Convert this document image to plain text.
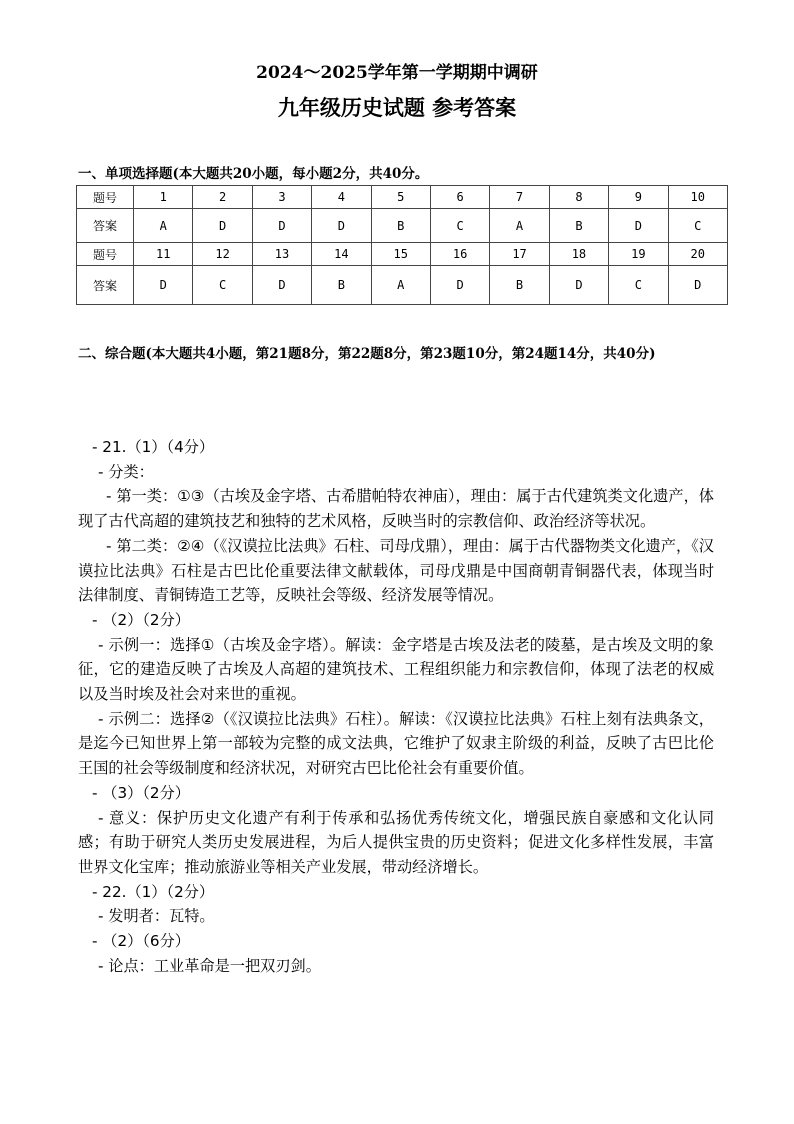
2024～2025学年第一学期期中调研
九年级历史试题 参考答案
一、单项选择题(本大题共20小题，每小题2分，共40分。
题号	1	2	3	4	5	6	7	8	9	10
答案	A	D	D	D	B	C	A	B	D	C
题号	11	12	13	14	15	16	17	18	19	20
答案	D	C	D	B	A	D	B	D	C	D
二、综合题(本大题共4小题，第21题8分，第22题8分，第23题10分，第24题14分，共40分)

- 21.（1）（4分）

- 分类：

- 第一类：①③（古埃及金字塔、古希腊帕特农神庙），理由：属于古代建筑类文化遗产，体现了古代高超的建筑技艺和独特的艺术风格，反映当时的宗教信仰、政治经济等状况。

- 第二类：②④（《汉谟拉比法典》石柱、司母戊鼎），理由：属于古代器物类文化遗产，《汉谟拉比法典》石柱是古巴比伦重要法律文献载体，司母戊鼎是中国商朝青铜器代表，体现当时法律制度、青铜铸造工艺等，反映社会等级、经济发展等情况。

- （2）（2分）

- 示例一：选择①（古埃及金字塔）。解读：金字塔是古埃及法老的陵墓，是古埃及文明的象征，它的建造反映了古埃及人高超的建筑技术、工程组织能力和宗教信仰，体现了法老的权威以及当时埃及社会对来世的重视。

- 示例二：选择②（《汉谟拉比法典》石柱）。解读：《汉谟拉比法典》石柱上刻有法典条文，是迄今已知世界上第一部较为完整的成文法典，它维护了奴隶主阶级的利益，反映了古巴比伦王国的社会等级制度和经济状况，对研究古巴比伦社会有重要价值。

- （3）（2分）

- 意义：保护历史文化遗产有利于传承和弘扬优秀传统文化，增强民族自豪感和文化认同感；有助于研究人类历史发展进程，为后人提供宝贵的历史资料；促进文化多样性发展，丰富世界文化宝库；推动旅游业等相关产业发展，带动经济增长。

- 22.（1）（2分）

- 发明者：瓦特。

- （2）（6分）

- 论点：工业革命是一把双刃剑。
